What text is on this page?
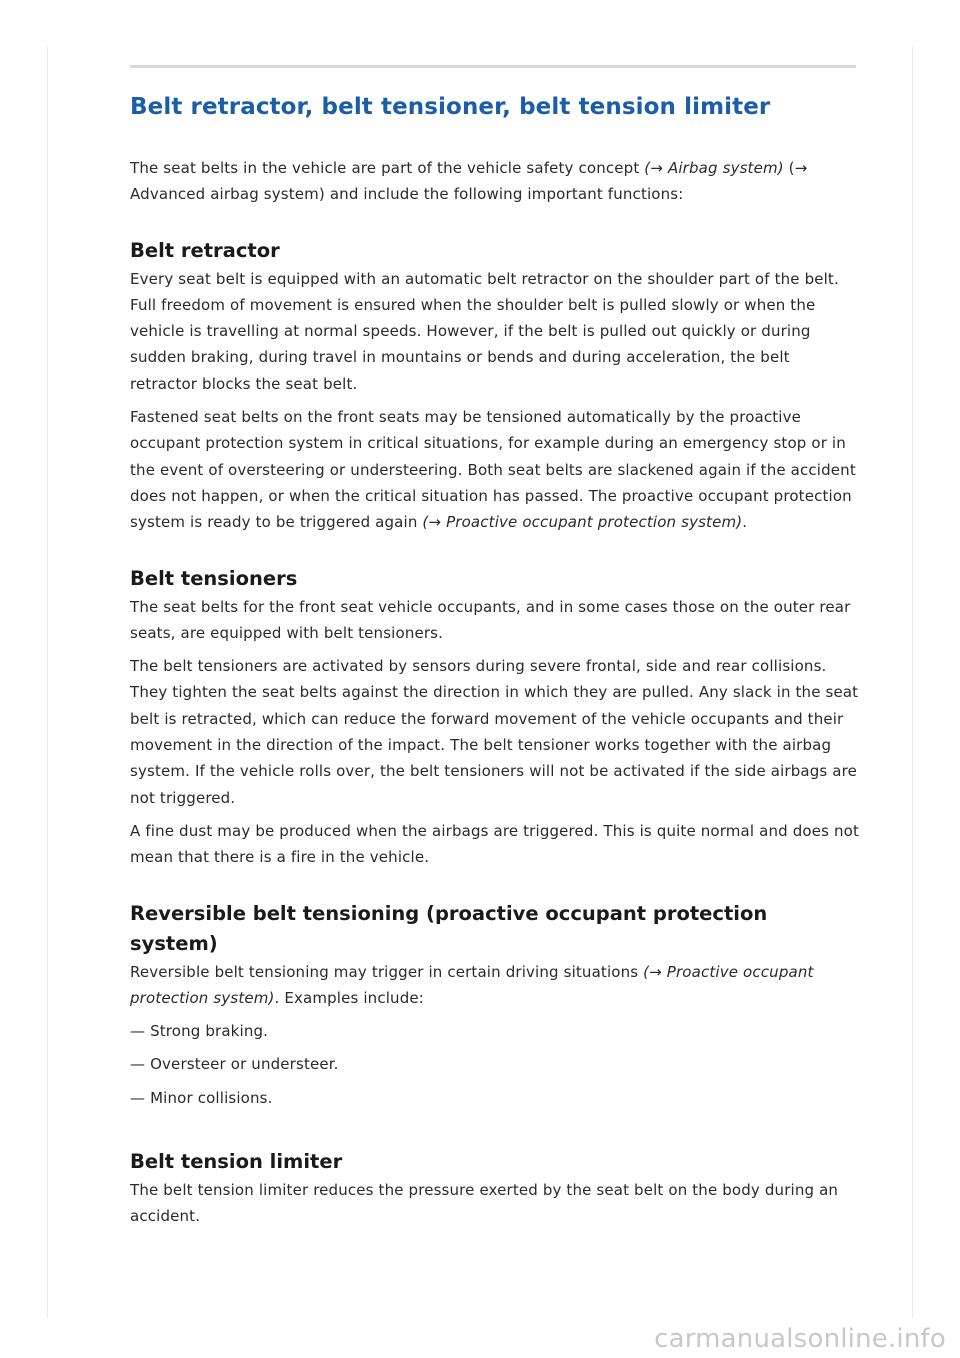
Belt retractor, belt tensioner, belt tension limiter

The seat belts in the vehicle are part of the vehicle safety concept (→ Airbag system) (→ Advanced airbag system) and include the following important functions:

Belt retractor

Every seat belt is equipped with an automatic belt retractor on the shoulder part of the belt. Full freedom of movement is ensured when the shoulder belt is pulled slowly or when the vehicle is travelling at normal speeds. However, if the belt is pulled out quickly or during sudden braking, during travel in mountains or bends and during acceleration, the belt retractor blocks the seat belt.

Fastened seat belts on the front seats may be tensioned automatically by the proactive occupant protection system in critical situations, for example during an emergency stop or in the event of oversteering or understeering. Both seat belts are slackened again if the accident does not happen, or when the critical situation has passed. The proactive occupant protection system is ready to be triggered again (→ Proactive occupant protection system).

Belt tensioners

The seat belts for the front seat vehicle occupants, and in some cases those on the outer rear seats, are equipped with belt tensioners.

The belt tensioners are activated by sensors during severe frontal, side and rear collisions. They tighten the seat belts against the direction in which they are pulled. Any slack in the seat belt is retracted, which can reduce the forward movement of the vehicle occupants and their movement in the direction of the impact. The belt tensioner works together with the airbag system. If the vehicle rolls over, the belt tensioners will not be activated if the side airbags are not triggered.

A fine dust may be produced when the airbags are triggered. This is quite normal and does not mean that there is a fire in the vehicle.

Reversible belt tensioning (proactive occupant protection system)

Reversible belt tensioning may trigger in certain driving situations (→ Proactive occupant protection system). Examples include:

— Strong braking.

— Oversteer or understeer.

— Minor collisions.

Belt tension limiter

The belt tension limiter reduces the pressure exerted by the seat belt on the body during an accident.

carmanualsonline.info
